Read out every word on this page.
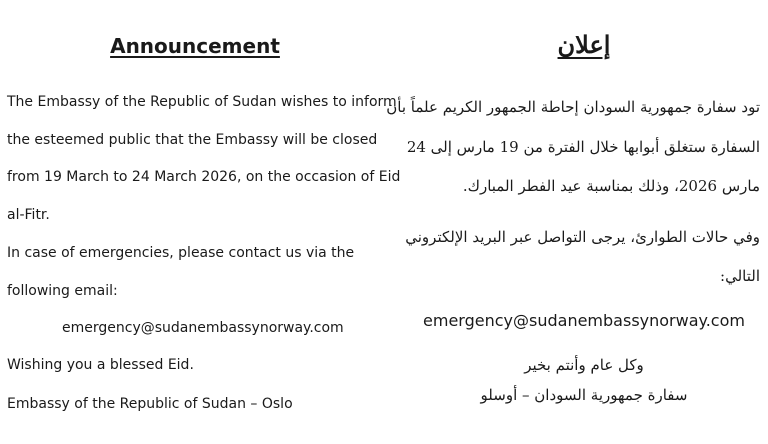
Announcement
The Embassy of the Republic of Sudan wishes to inform
the esteemed public that the Embassy will be closed
from 19 March to 24 March 2026, on the occasion of Eid
al-Fitr.
In case of emergencies, please contact us via the
following email:
emergency@sudanembassynorway.com
Wishing you a blessed Eid.
Embassy of the Republic of Sudan – Oslo
إعلان
تود سفارة جمهورية السودان إحاطة الجمهور الكريم علماً بأن
السفارة ستغلق أبوابها خلال الفترة من 19 مارس إلى 24
مارس 2026، وذلك بمناسبة عيد الفطر المبارك.
وفي حالات الطوارئ، يرجى التواصل عبر البريد الإلكتروني
التالي:
emergency@sudanembassynorway.com
وكل عام وأنتم بخير
سفارة جمهورية السودان – أوسلو
